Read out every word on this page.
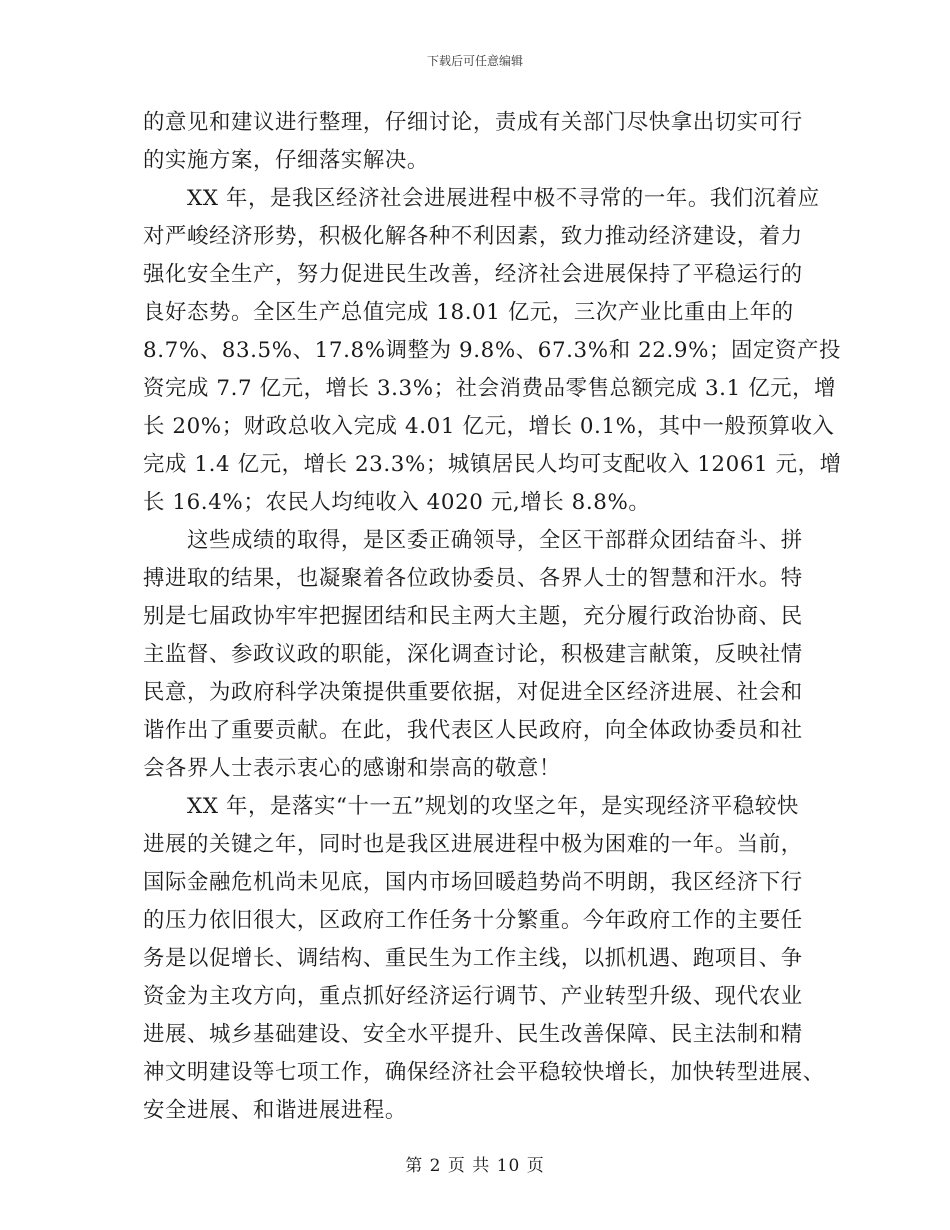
下载后可任意编辑
的意见和建议进行整理，仔细讨论，责成有关部门尽快拿出切实可行
的实施方案，仔细落实解决。
　　XX 年，是我区经济社会进展进程中极不寻常的一年。我们沉着应
对严峻经济形势，积极化解各种不利因素，致力推动经济建设，着力
强化安全生产，努力促进民生改善，经济社会进展保持了平稳运行的
良好态势。全区生产总值完成 18.01 亿元，三次产业比重由上年的
8.7%、83.5%、17.8%调整为 9.8%、67.3%和 22.9%；固定资产投
资完成 7.7 亿元，增长 3.3%；社会消费品零售总额完成 3.1 亿元，增
长 20%；财政总收入完成 4.01 亿元，增长 0.1%，其中一般预算收入
完成 1.4 亿元，增长 23.3%；城镇居民人均可支配收入 12061 元，增
长 16.4%；农民人均纯收入 4020 元,增长 8.8%。
　　这些成绩的取得，是区委正确领导，全区干部群众团结奋斗、拼
搏进取的结果，也凝聚着各位政协委员、各界人士的智慧和汗水。特
别是七届政协牢牢把握团结和民主两大主题，充分履行政治协商、民
主监督、参政议政的职能，深化调查讨论，积极建言献策，反映社情
民意，为政府科学决策提供重要依据，对促进全区经济进展、社会和
谐作出了重要贡献。在此，我代表区人民政府，向全体政协委员和社
会各界人士表示衷心的感谢和崇高的敬意！
　　XX 年，是落实“十一五”规划的攻坚之年，是实现经济平稳较快
进展的关键之年，同时也是我区进展进程中极为困难的一年。当前，
国际金融危机尚未见底，国内市场回暖趋势尚不明朗，我区经济下行
的压力依旧很大，区政府工作任务十分繁重。今年政府工作的主要任
务是以促增长、调结构、重民生为工作主线，以抓机遇、跑项目、争
资金为主攻方向，重点抓好经济运行调节、产业转型升级、现代农业
进展、城乡基础建设、安全水平提升、民生改善保障、民主法制和精
神文明建设等七项工作，确保经济社会平稳较快增长，加快转型进展、
安全进展、和谐进展进程。
第 2 页 共 10 页
